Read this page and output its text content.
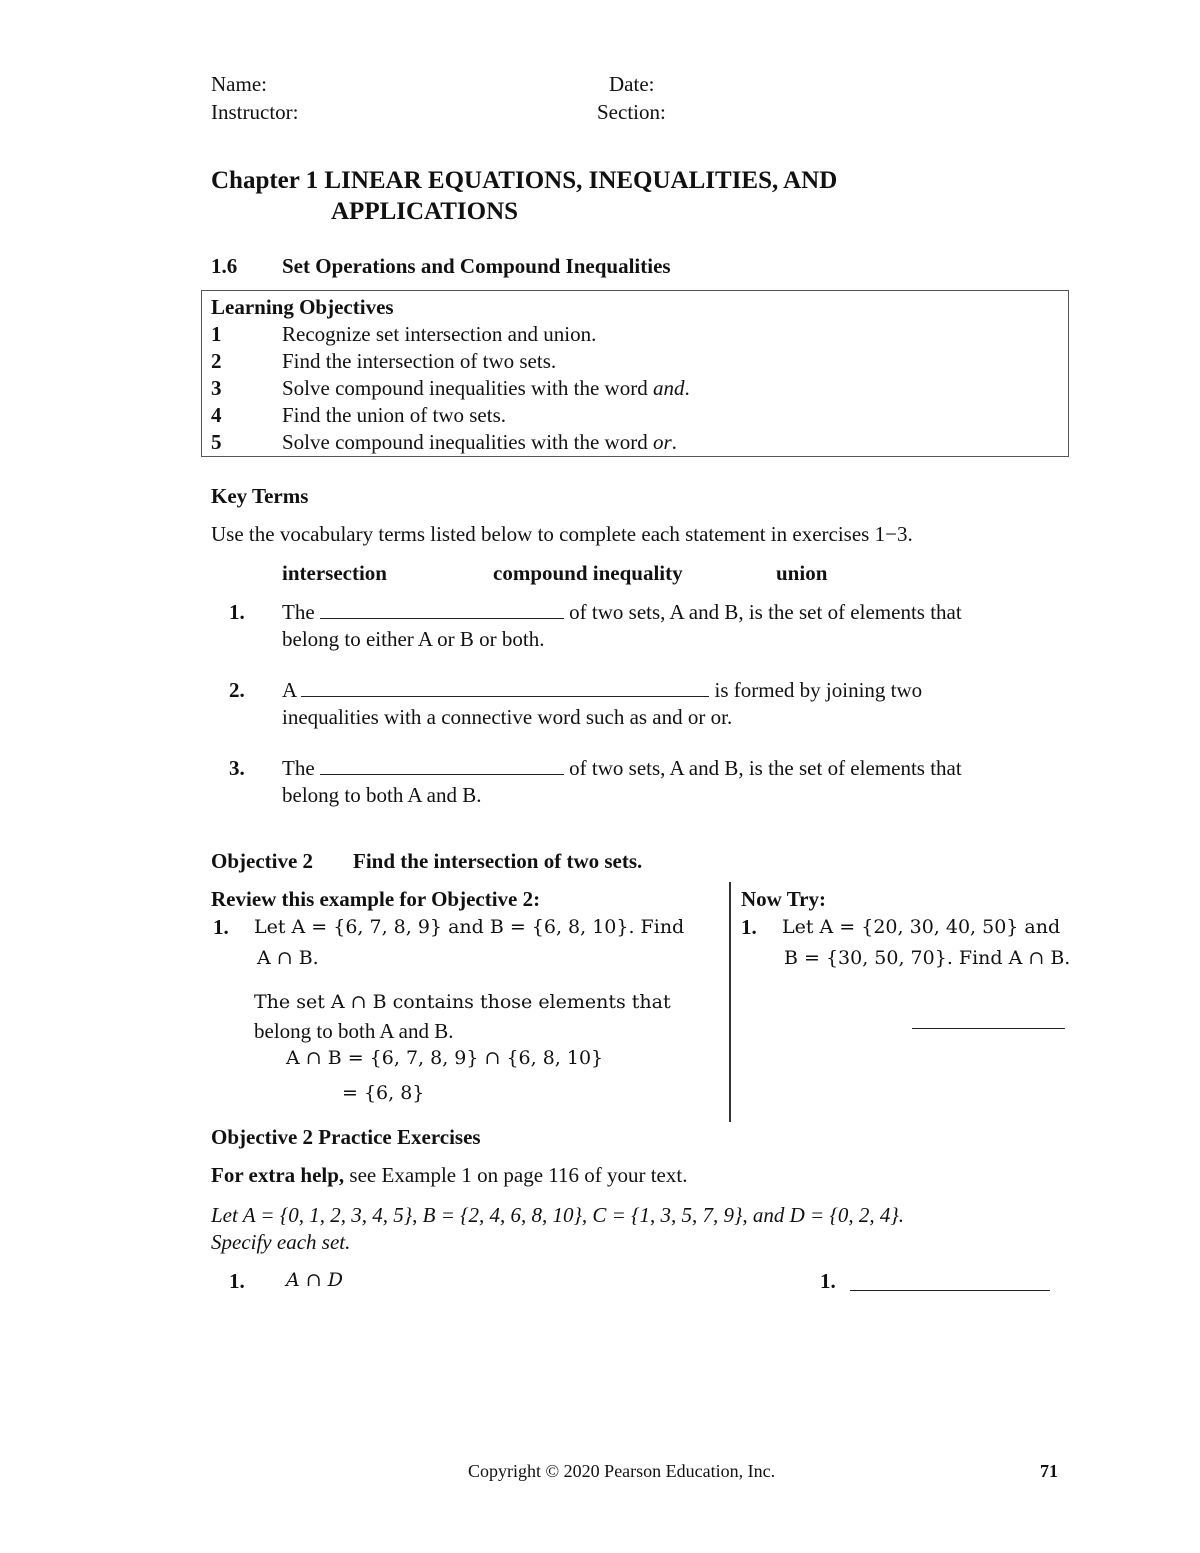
Name:	Date:
Instructor:	Section:
Chapter 1 LINEAR EQUATIONS, INEQUALITIES, AND
APPLICATIONS
1.6 Set Operations and Compound Inequalities
Learning Objectives
1	Recognize set intersection and union.
2	Find the intersection of two sets.
3	Solve compound inequalities with the word and.
4	Find the union of two sets.
5	Solve compound inequalities with the word or.
Key Terms
Use the vocabulary terms listed below to complete each statement in exercises 1−3.
intersection	compound inequality	union
1. The	of two sets, A and B, is the set of elements that
belong to either A or B or both.
2. A	is formed by joining two
inequalities with a connective word such as and or or.
3. The	of two sets, A and B, is the set of elements that
belong to both A and B.
Objective 2 Find the intersection of two sets.
Review this example for Objective 2:
1. Let A = {6, 7, 8, 9} and B = {6, 8, 10}. Find
A ∩ B.
The set A ∩ B contains those elements that
belong to both A and B.
A ∩ B = {6, 7, 8, 9} ∩ {6, 8, 10}
= {6, 8}
Now Try:
1. Let A = {20, 30, 40, 50} and
B = {30, 50, 70}. Find A ∩ B.
Objective 2 Practice Exercises
For extra help, see Example 1 on page 116 of your text.
Let A = {0, 1, 2, 3, 4, 5}, B = {2, 4, 6, 8, 10}, C = {1, 3, 5, 7, 9}, and D = {0, 2, 4}.
Specify each set.
1. A ∩ D	1.
Copyright © 2020 Pearson Education, Inc.	71
